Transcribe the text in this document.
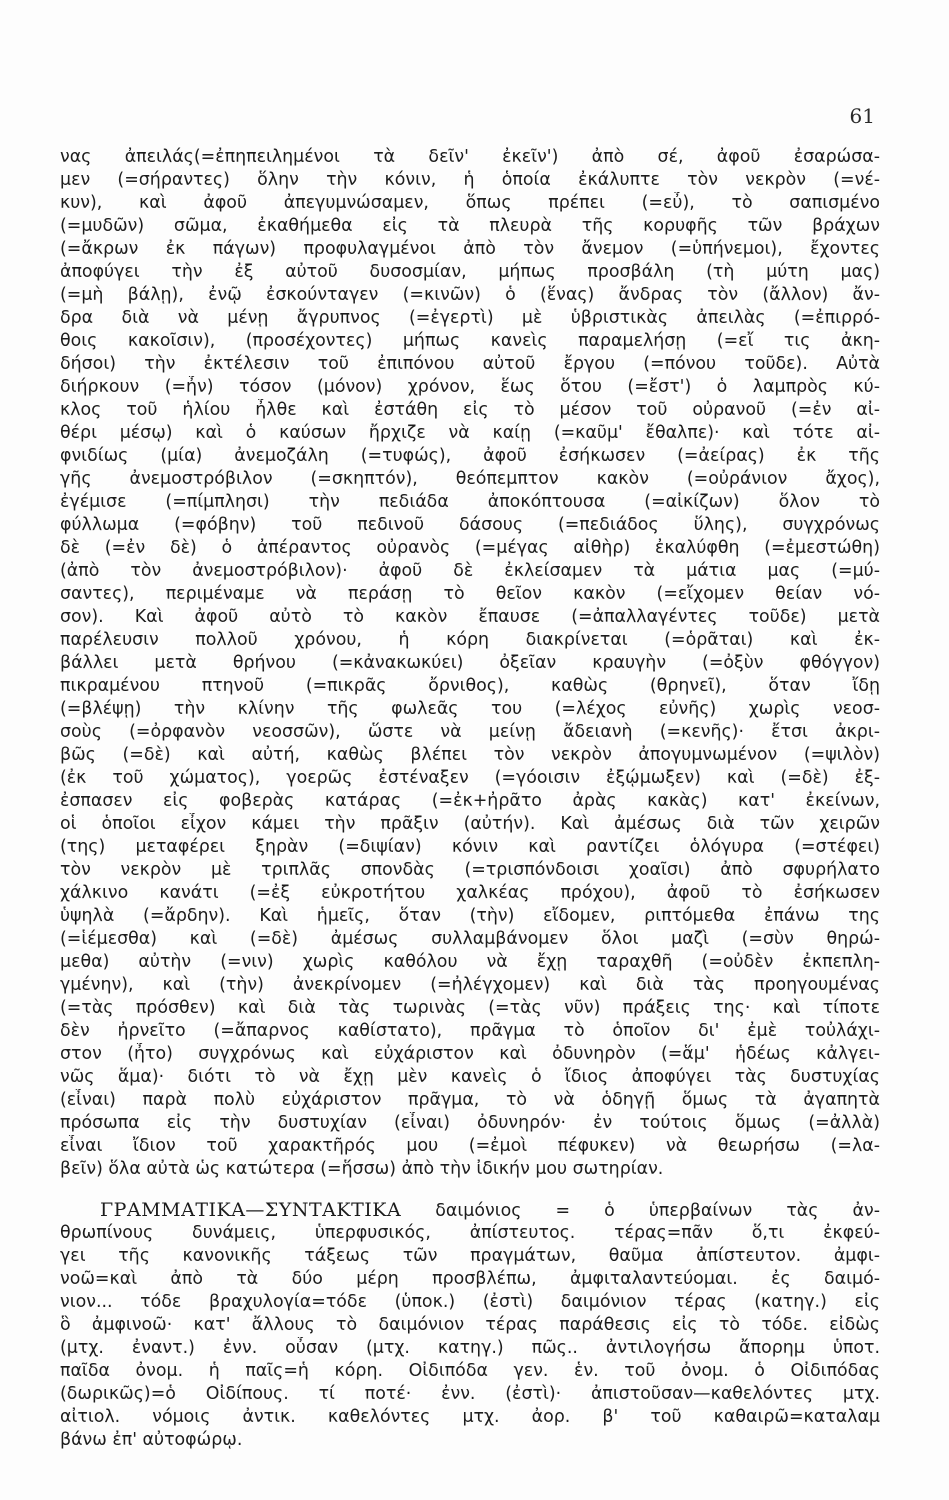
61
νας ἀπειλάς(=ἐπηπειλημένοι τὰ δεῖν' ἐκεῖν') ἀπὸ σέ, ἀφοῦ ἐσαρώσα-
μεν (=σήραντες) ὅλην τὴν κόνιν, ἡ ὁποία ἐκάλυπτε τὸν νεκρὸν (=νέ-
κυν), καὶ ἀφοῦ ἀπεγυμνώσαμεν, ὅπως πρέπει (=εὖ), τὸ σαπισμένο
(=μυδῶν) σῶμα, ἐκαθήμεθα εἰς τὰ πλευρὰ τῆς κορυφῆς τῶν βράχων
(=ἄκρων ἐκ πάγων) προφυλαγμένοι ἀπὸ τὸν ἄνεμον (=ὑπήνεμοι), ἔχοντες
ἀποφύγει τὴν ἐξ αὐτοῦ δυσοσμίαν, μήπως προσβάλη (τὴ μύτη μας)
(=μὴ βάλῃ), ἐνῷ ἐσκούνταγεν (=κινῶν) ὁ (ἕνας) ἄνδρας τὸν (ἄλλον) ἄν-
δρα διὰ νὰ μένῃ ἄγρυπνος (=ἐγερτὶ) μὲ ὑβριστικὰς ἀπειλὰς (=ἐπιρρό-
θοις κακοῖσιν), (προσέχοντες) μήπως κανεὶς παραμελήσῃ (=εἴ τις ἀκη-
δήσοι) τὴν ἐκτέλεσιν τοῦ ἐπιπόνου αὐτοῦ ἔργου (=πόνου τοῦδε). Αὐτὰ
διήρκουν (=ἦν) τόσον (μόνον) χρόνον, ἕως ὅτου (=ἔστ') ὁ λαμπρὸς κύ-
κλος τοῦ ἡλίου ἦλθε καὶ ἐστάθη εἰς τὸ μέσον τοῦ οὐρανοῦ (=ἐν αἰ-
θέρι μέσῳ) καὶ ὁ καύσων ἤρχιζε νὰ καίῃ (=καῦμ' ἔθαλπε)· καὶ τότε αἰ-
φνιδίως (μία) ἀνεμοζάλη (=τυφώς), ἀφοῦ ἐσήκωσεν (=ἀείρας) ἐκ τῆς
γῆς ἀνεμοστρόβιλον (=σκηπτόν), θεόπεμπτον κακὸν (=οὐράνιον ἄχος),
ἐγέμισε (=πίμπλησι) τὴν πεδιάδα ἀποκόπτουσα (=αἰκίζων) ὅλον τὸ
φύλλωμα (=φόβην) τοῦ πεδινοῦ δάσους (=πεδιάδος ὕλης), συγχρόνως
δὲ (=ἐν δὲ) ὁ ἀπέραντος οὐρανὸς (=μέγας αἰθὴρ) ἐκαλύφθη (=ἐμεστώθη)
(ἀπὸ τὸν ἀνεμοστρόβιλον)· ἀφοῦ δὲ ἐκλείσαμεν τὰ μάτια μας (=μύ-
σαντες), περιμέναμε νὰ περάσῃ τὸ θεῖον κακὸν (=εἴχομεν θείαν νό-
σον). Καὶ ἀφοῦ αὐτὸ τὸ κακὸν ἔπαυσε (=ἀπαλλαγέντες τοῦδε) μετὰ
παρέλευσιν πολλοῦ χρόνου, ἡ κόρη διακρίνεται (=ὁρᾶται) καὶ ἐκ-
βάλλει μετὰ θρήνου (=κἀνακωκύει) ὀξεῖαν κραυγὴν (=ὀξὺν φθόγγον)
πικραμένου πτηνοῦ (=πικρᾶς ὄρνιθος), καθὼς (θρηνεῖ), ὅταν ἴδῃ
(=βλέψῃ) τὴν κλίνην τῆς φωλεᾶς του (=λέχος εὐνῆς) χωρὶς νεοσ-
σοὺς (=ὀρφανὸν νεοσσῶν), ὥστε νὰ μείνῃ ἄδειανὴ (=κενῆς)· ἔτσι ἀκρι-
βῶς (=δὲ) καὶ αὐτή, καθὼς βλέπει τὸν νεκρὸν ἀπογυμνωμένον (=ψιλὸν)
(ἐκ τοῦ χώματος), γοερῶς ἐστέναξεν (=γόοισιν ἐξῴμωξεν) καὶ (=δὲ) ἐξ-
ἐσπασεν εἰς φοβερὰς κατάρας (=ἐκ+ἠρᾶτο ἀρὰς κακὰς) κατ' ἐκείνων,
οἱ ὁποῖοι εἶχον κάμει τὴν πρᾶξιν (αὐτήν). Καὶ ἀμέσως διὰ τῶν χειρῶν
(της) μεταφέρει ξηρὰν (=διψίαν) κόνιν καὶ ραντίζει ὁλόγυρα (=στέφει)
τὸν νεκρὸν μὲ τριπλᾶς σπονδὰς (=τρισπόνδοισι χοαῖσι) ἀπὸ σφυρήλατο
χάλκινο κανάτι (=ἐξ εὐκροτήτου χαλκέας πρόχου), ἀφοῦ τὸ ἐσήκωσεν
ὑψηλὰ (=ἄρδην). Καὶ ἡμεῖς, ὅταν (τὴν) εἴδομεν, ριπτόμεθα ἐπάνω της
(=ἱέμεσθα) καὶ (=δὲ) ἀμέσως συλλαμβάνομεν ὅλοι μαζὶ (=σὺν θηρώ-
μεθα) αὐτὴν (=νιν) χωρὶς καθόλου νὰ ἔχῃ ταραχθῆ (=οὐδὲν ἐκπεπλη-
γμένην), καὶ (τὴν) ἀνεκρίνομεν (=ἠλέγχομεν) καὶ διὰ τὰς προηγουμένας
(=τὰς πρόσθεν) καὶ διὰ τὰς τωρινὰς (=τὰς νῦν) πράξεις της· καὶ τίποτε
δὲν ἠρνεῖτο (=ἄπαρνος καθίστατο), πρᾶγμα τὸ ὁποῖον δι' ἐμὲ τοὐλάχι-
στον (ἦτο) συγχρόνως καὶ εὐχάριστον καὶ ὀδυνηρὸν (=ἅμ' ἡδέως κἀλγει-
νῶς ἅμα)· διότι τὸ νὰ ἔχῃ μὲν κανεὶς ὁ ἴδιος ἀποφύγει τὰς δυστυχίας
(εἶναι) παρὰ πολὺ εὐχάριστον πρᾶγμα, τὸ νὰ ὁδηγῇ ὅμως τὰ ἀγαπητὰ
πρόσωπα εἰς τὴν δυστυχίαν (εἶναι) ὀδυνηρόν· ἐν τούτοις ὅμως (=ἀλλὰ)
εἶναι ἴδιον τοῦ χαρακτῆρός μου (=ἐμοὶ πέφυκεν) νὰ θεωρήσω (=λα-
βεῖν) ὅλα αὐτὰ ὡς κατώτερα (=ἥσσω) ἀπὸ τὴν ἰδικήν μου σωτηρίαν.
ΓΡΑΜΜΑΤΙΚΑ—ΣΥΝΤΑΚΤΙΚΑ δαιμόνιος = ὁ ὑπερβαίνων τὰς ἀν-
θρωπίνους δυνάμεις, ὑπερφυσικός, ἀπίστευτος. τέρας=πᾶν ὅ,τι ἐκφεύ-
γει τῆς κανονικῆς τάξεως τῶν πραγμάτων, θαῦμα ἀπίστευτον. ἀμφι-
νοῶ=καὶ ἀπὸ τὰ δύο μέρη προσβλέπω, ἀμφιταλαντεύομαι. ἐς δαιμό-
νιον... τόδε βραχυλογία=τόδε (ὑποκ.) (ἐστὶ) δαιμόνιον τέρας (κατηγ.) εἰς
ὃ ἀμφινοῶ· κατ' ἄλλους τὸ δαιμόνιον τέρας παράθεσις εἰς τὸ τόδε. εἰδὼς
(μτχ. ἐναντ.) ἐνν. οὖσαν (μτχ. κατηγ.) πῶς.. ἀντιλογήσω ἄπορημ ὑποτ.
παῖδα ὀνομ. ἡ παῖς=ἡ κόρη. Οἰδιπόδα γεν. ἑν. τοῦ ὀνομ. ὁ Οἰδιπόδας
(δωρικῶς)=ὁ Οἰδίπους. τί ποτέ· ἐνν. (ἐστὶ)· ἀπιστοῦσαν—καθελόντες μτχ.
αἰτιολ. νόμοις ἀντικ. καθελόντες μτχ. ἀορ. β' τοῦ καθαιρῶ=καταλαμ
βάνω ἐπ' αὐτοφώρῳ.
